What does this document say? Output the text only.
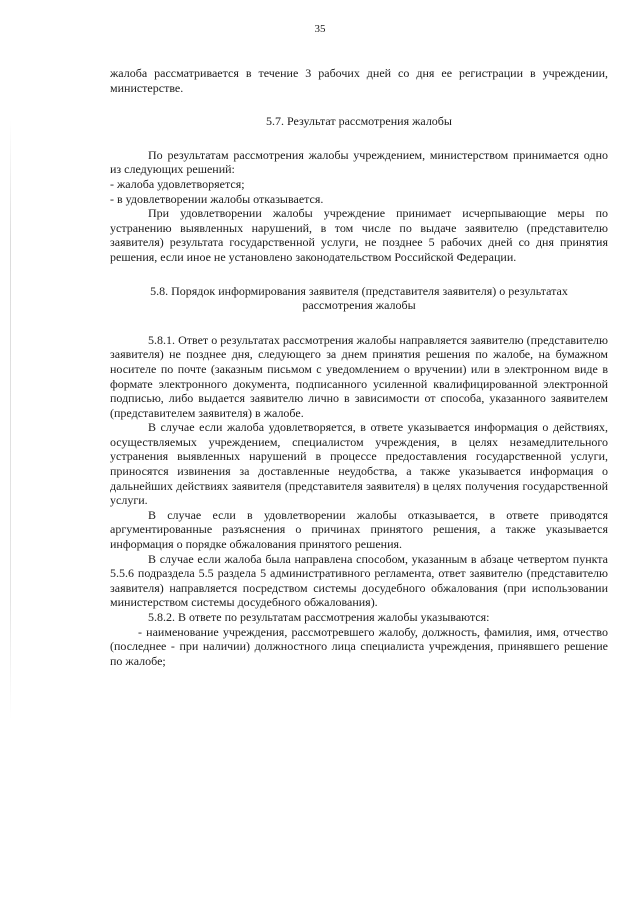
35

жалоба рассматривается в течение 3 рабочих дней со дня ее регистрации в учреждении, министерстве.

5.7. Результат рассмотрения жалобы

По результатам рассмотрения жалобы учреждением, министерством принимается одно из следующих решений:

- жалоба удовлетворяется;

- в удовлетворении жалобы отказывается.

При удовлетворении жалобы учреждение принимает исчерпывающие меры по устранению выявленных нарушений, в том числе по выдаче заявителю (представителю заявителя) результата государственной услуги, не позднее 5 рабочих дней со дня принятия решения, если иное не установлено законодательством Российской Федерации.

5.8. Порядок информирования заявителя (представителя заявителя) о результатах рассмотрения жалобы

5.8.1. Ответ о результатах рассмотрения жалобы направляется заявителю (представителю заявителя) не позднее дня, следующего за днем принятия решения по жалобе, на бумажном носителе по почте (заказным письмом с уведомлением о вручении) или в электронном виде в формате электронного документа, подписанного усиленной квалифицированной электронной подписью, либо выдается заявителю лично в зависимости от способа, указанного заявителем (представителем заявителя) в жалобе.

В случае если жалоба удовлетворяется, в ответе указывается информация о действиях, осуществляемых учреждением, специалистом учреждения, в целях незамедлительного устранения выявленных нарушений в процессе предоставления государственной услуги, приносятся извинения за доставленные неудобства, а также указывается информация о дальнейших действиях заявителя (представителя заявителя) в целях получения государственной услуги.

В случае если в удовлетворении жалобы отказывается, в ответе приводятся аргументированные разъяснения о причинах принятого решения, а также указывается информация о порядке обжалования принятого решения.

В случае если жалоба была направлена способом, указанным в абзаце четвертом пункта 5.5.6 подраздела 5.5 раздела 5 административного регламента, ответ заявителю (представителю заявителя) направляется посредством системы досудебного обжалования (при использовании министерством системы досудебного обжалования).

5.8.2. В ответе по результатам рассмотрения жалобы указываются:

- наименование учреждения, рассмотревшего жалобу, должность, фамилия, имя, отчество (последнее - при наличии) должностного лица специалиста учреждения, принявшего решение по жалобе;
